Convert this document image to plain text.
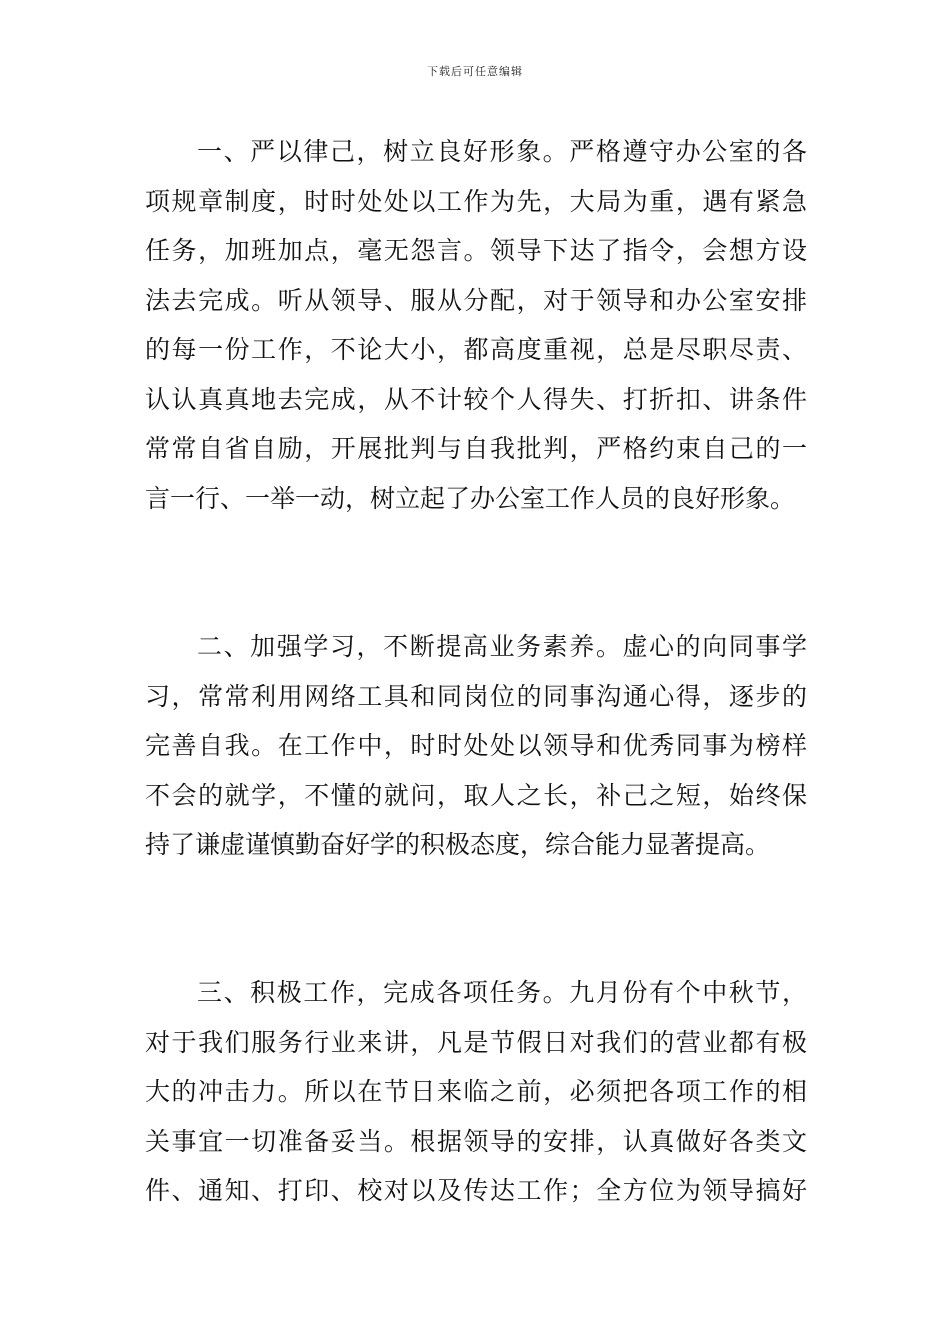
下载后可任意编辑
一、严以律己，树立良好形象。严格遵守办公室的各
项规章制度，时时处处以工作为先，大局为重，遇有紧急
任务，加班加点，毫无怨言。领导下达了指令，会想方设
法去完成。听从领导、服从分配，对于领导和办公室安排
的每一份工作，不论大小，都高度重视，总是尽职尽责、
认认真真地去完成，从不计较个人得失、打折扣、讲条件
常常自省自励，开展批判与自我批判，严格约束自己的一
言一行、一举一动，树立起了办公室工作人员的良好形象。
二、加强学习，不断提高业务素养。虚心的向同事学
习，常常利用网络工具和同岗位的同事沟通心得，逐步的
完善自我。在工作中，时时处处以领导和优秀同事为榜样
不会的就学，不懂的就问，取人之长，补己之短，始终保
持了谦虚谨慎勤奋好学的积极态度，综合能力显著提高。
三、积极工作，完成各项任务。九月份有个中秋节，
对于我们服务行业来讲，凡是节假日对我们的营业都有极
大的冲击力。所以在节日来临之前，必须把各项工作的相
关事宜一切准备妥当。根据领导的安排，认真做好各类文
件、通知、打印、校对以及传达工作；全方位为领导搞好
